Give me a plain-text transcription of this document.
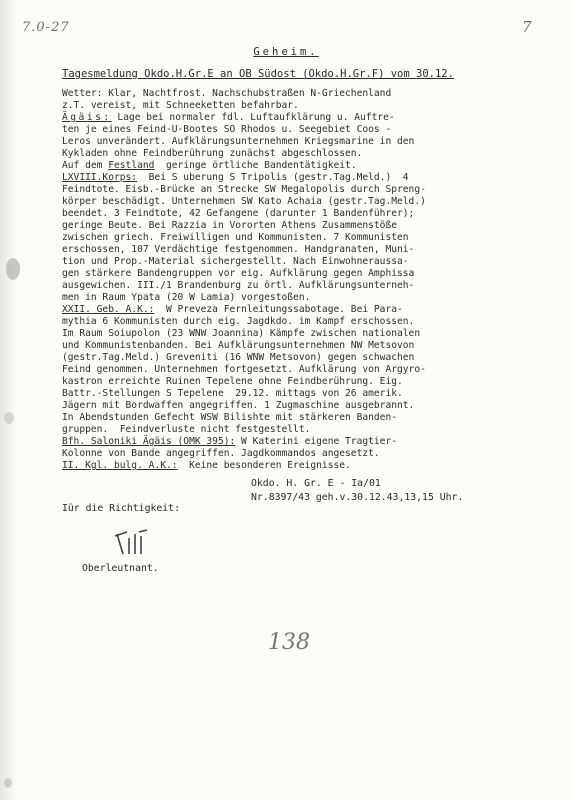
7.0-27	7
Geheim.
Tagesmeldung Okdo.H.Gr.E an OB Südost (Okdo.H.Gr.F) vom 30.12.
Wetter: Klar, Nachtfrost. Nachschubstraßen N-Griechenland
z.T. vereist, mit Schneeketten befahrbar.
Ägäis: Lage bei normaler fdl. Luftaufklärung u. Auftre-
ten je eines Feind-U-Bootes SO Rhodos u. Seegebiet Coos -
Leros unverändert. Aufklärungsunternehmen Kriegsmarine in den
Kykladen ohne Feindberührung zunächst abgeschlossen.
Auf dem Festland  geringe örtliche Bandentätigkeit.
LXVIII.Korps:  Bei S uberung S Tripolis (gestr.Tag.Meld.)  4
Feindtote. Eisb.-Brücke an Strecke SW Megalopolis durch Spreng-
körper beschädigt. Unternehmen SW Kato Achaia (gestr.Tag.Meld.)
beendet. 3 Feindtote, 42 Gefangene (darunter 1 Bandenführer);
geringe Beute. Bei Razzia in Vororten Athens Zusammenstöße
zwischen griech. Freiwilligen und Kommunisten. 7 Kommunisten
erschossen, 107 Verdächtige festgenommen. Handgranaten, Muni-
tion und Prop.-Material sichergestellt. Nach Einwohneraussa-
gen stärkere Bandengruppen vor eig. Aufklärung gegen Amphissa
ausgewichen. III./1 Brandenburg zu örtl. Aufklärungsunterneh-
men in Raum Ypata (20 W Lamia) vorgestoßen.
XXII. Geb. A.K.:  W Preveza Fernleitungssabotage. Bei Para-
mythia 6 Kommunisten durch eig. Jagdkdo. im Kampf erschossen.
Im Raum Soiupolon (23 WNW Joannina) Kämpfe zwischen nationalen
und Kommunistenbanden. Bei Aufklärungsunternehmen NW Metsovon
(gestr.Tag.Meld.) Greveniti (16 WNW Metsovon) gegen schwachen
Feind genommen. Unternehmen fortgesetzt. Aufklärung von Argyro-
kastron erreichte Ruinen Tepelene ohne Feindberührung. Eig.
Battr.-Stellungen S Tepelene  29.12. mittags von 26 amerik.
Jägern mit Bordwaffen angegriffen. 1 Zugmaschine ausgebrannt.
In Abendstunden Gefecht WSW Bilishte mit stärkeren Banden-
gruppen.  Feindverluste nicht festgestellt.
Bfh. Saloniki Ägäis (OMK 395): W Katerini eigene Tragtier-
Kolonne von Bande angegriffen. Jagdkommandos angesetzt.
II. Kgl. bulg. A.K.:  Keine besonderen Ereignisse.
Okdo. H. Gr. E - Ia/01
Nr.8397/43 geh.v.30.12.43,13,15 Uhr.
Iür die Richtigkeit:
Oberleutnant.
138
